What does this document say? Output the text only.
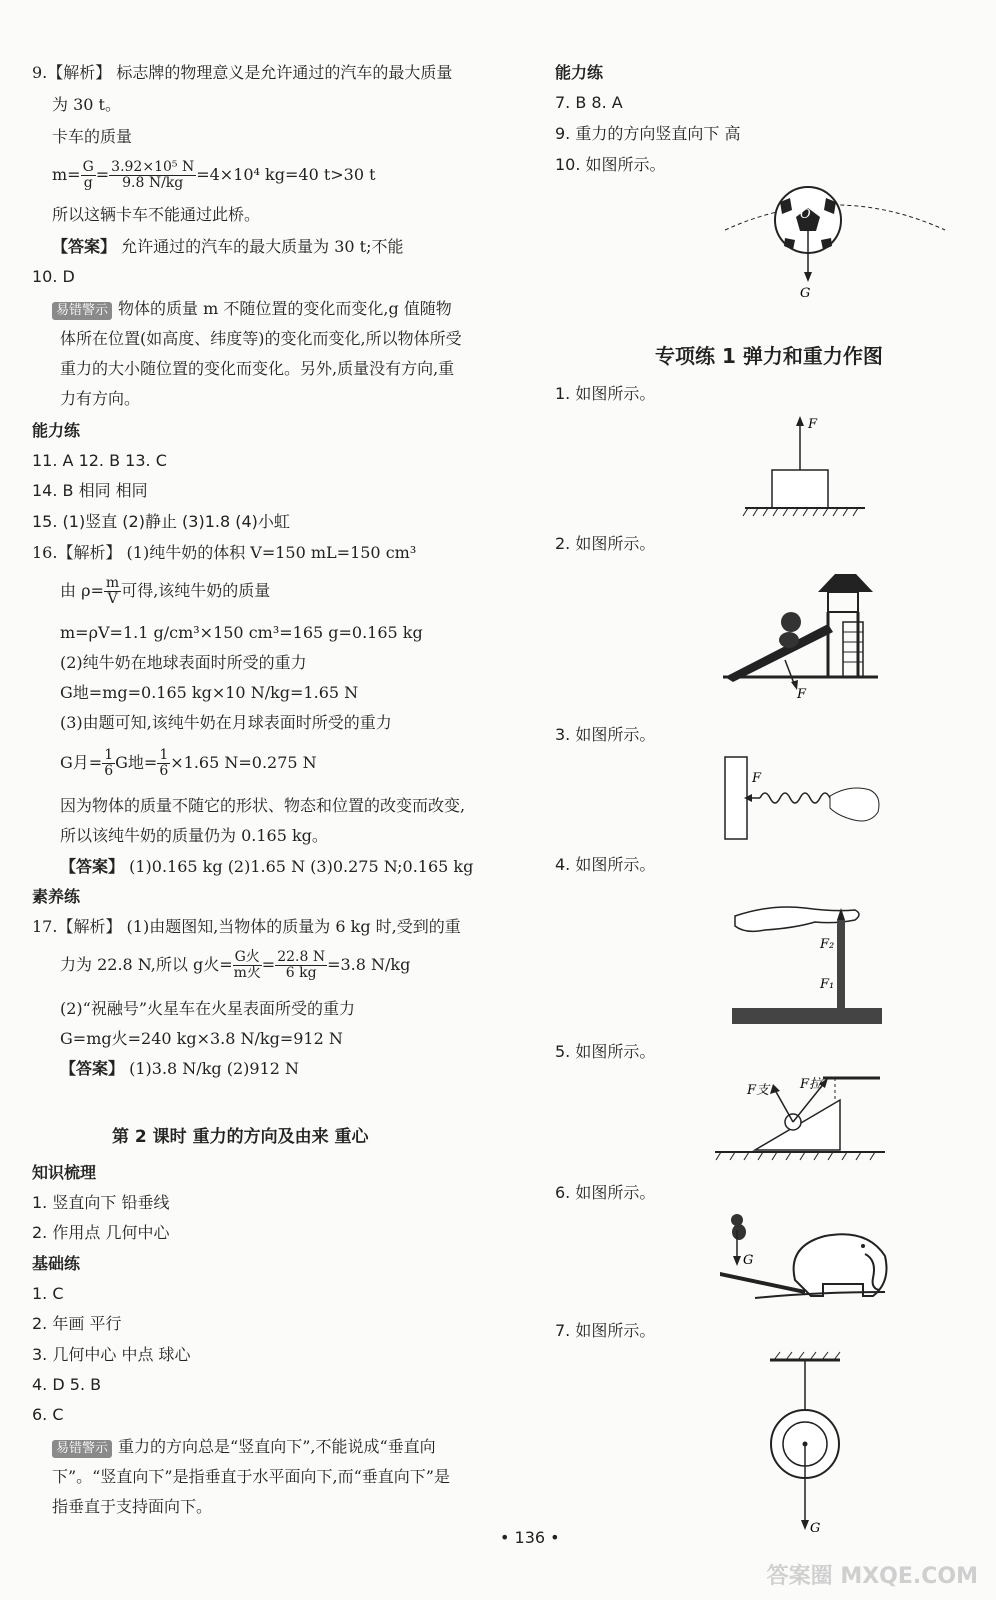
9.【解析】 标志牌的物理意义是允许通过的汽车的最大质量
为 30 t。
卡车的质量
$m= \frac{G}{g} = \frac{\text{3.92×10⁵ N}}{9.8 N/kg} =4\times 10^4$ kg=40 t>30 t
所以这辆卡车不能通过此桥。
【答案】 允许通过的汽车的最大质量为 30 t;不能
10. D
易错警示 物体的质量 m 不随位置的变化而变化,g 值随物
体所在位置(如高度、纬度等)的变化而变化,所以物体所受
重力的大小随位置的变化而变化。另外,质量没有方向,重
力有方向。
能力练
11. A 12. B 13. C
14. B 相同 相同
15. (1)竖直 (2)静止 (3)1.8 (4)小虹
16.【解析】 (1)纯牛奶的体积 V=150 mL=150 cm³
由 $\rho= \frac{m}{V}$ 可得,该纯牛奶的质量
m=ρV=1.1 g/cm³×150 cm³=165 g=0.165 kg
(2)纯牛奶在地球表面时所受的重力
G地=mg=0.165 kg×10 N/kg=1.65 N
(3)由题可知,该纯牛奶在月球表面时所受的重力
G月= $\frac{1}{6}$ G地= $\frac{1}{6} \times 1.65$ N=0.275 N
因为物体的质量不随它的形状、物态和位置的改变而改变,
所以该纯牛奶的质量仍为 0.165 kg。
【答案】 (1)0.165 kg (2)1.65 N (3)0.275 N;0.165 kg
素养练
17.【解析】 (1)由题图知,当物体的质量为 6 kg 时,受到的重
力为 22.8 N,所以 g火= $\frac{\text{G火}}{\text{m火}} = \frac{22.8 N}{6 kg} =3.8$ N/kg
(2)“祝融号”火星车在火星表面所受的重力
G=mg火=240 kg×3.8 N/kg=912 N
【答案】 (1)3.8 N/kg (2)912 N
第 2 课时 重力的方向及由来 重心
知识梳理
1. 竖直向下 铅垂线
2. 作用点 几何中心
基础练
1. C
2. 年画 平行
3. 几何中心 中点 球心
4. D 5. B
6. C
易错警示 重力的方向总是“竖直向下”,不能说成“垂直向
下”。“竖直向下”是指垂直于水平面向下,而“垂直向下”是
指垂直于支持面向下。
能力练
7. B 8. A
9. 重力的方向竖直向下 高
10. 如图所示。
O
G
专项练 1 弹力和重力作图
1. 如图所示。
F
2. 如图所示。
F
3. 如图所示。
F
4. 如图所示。
F₂
F₁
5. 如图所示。
F支 F拉
6. 如图所示。
G
7. 如图所示。
G
• 136 •
答案圈 MXQE.COM
